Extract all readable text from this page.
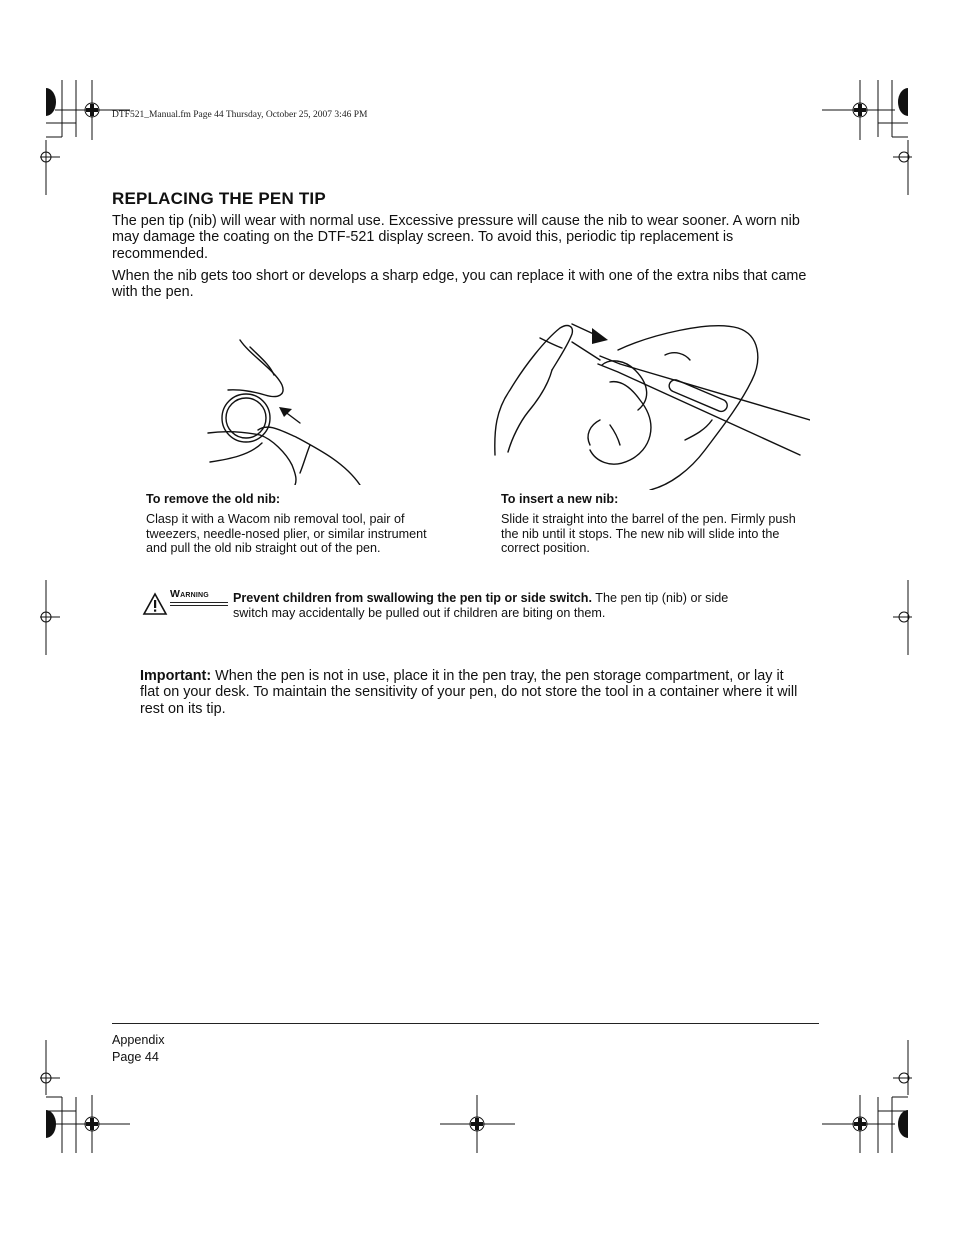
DTF521_Manual.fm Page 44 Thursday, October 25, 2007 3:46 PM
REPLACING THE PEN TIP
The pen tip (nib) will wear with normal use. Excessive pressure will cause the nib to wear sooner. A worn nib may damage the coating on the DTF-521 display screen. To avoid this, periodic tip replacement is recommended.
When the nib gets too short or develops a sharp edge, you can replace it with one of the extra nibs that came with the pen.
To remove the old nib:
Clasp it with a Wacom nib removal tool, pair of tweezers, needle-nosed plier, or similar instrument and pull the old nib straight out of the pen.
To insert a new nib:
Slide it straight into the barrel of the pen. Firmly push the nib until it stops. The new nib will slide into the correct position.
Warning Prevent children from swallowing the pen tip or side switch. The pen tip (nib) or side switch may accidentally be pulled out if children are biting on them.
Important: When the pen is not in use, place it in the pen tray, the pen storage compartment, or lay it flat on your desk. To maintain the sensitivity of your pen, do not store the tool in a container where it will rest on its tip.
Appendix
Page 44
